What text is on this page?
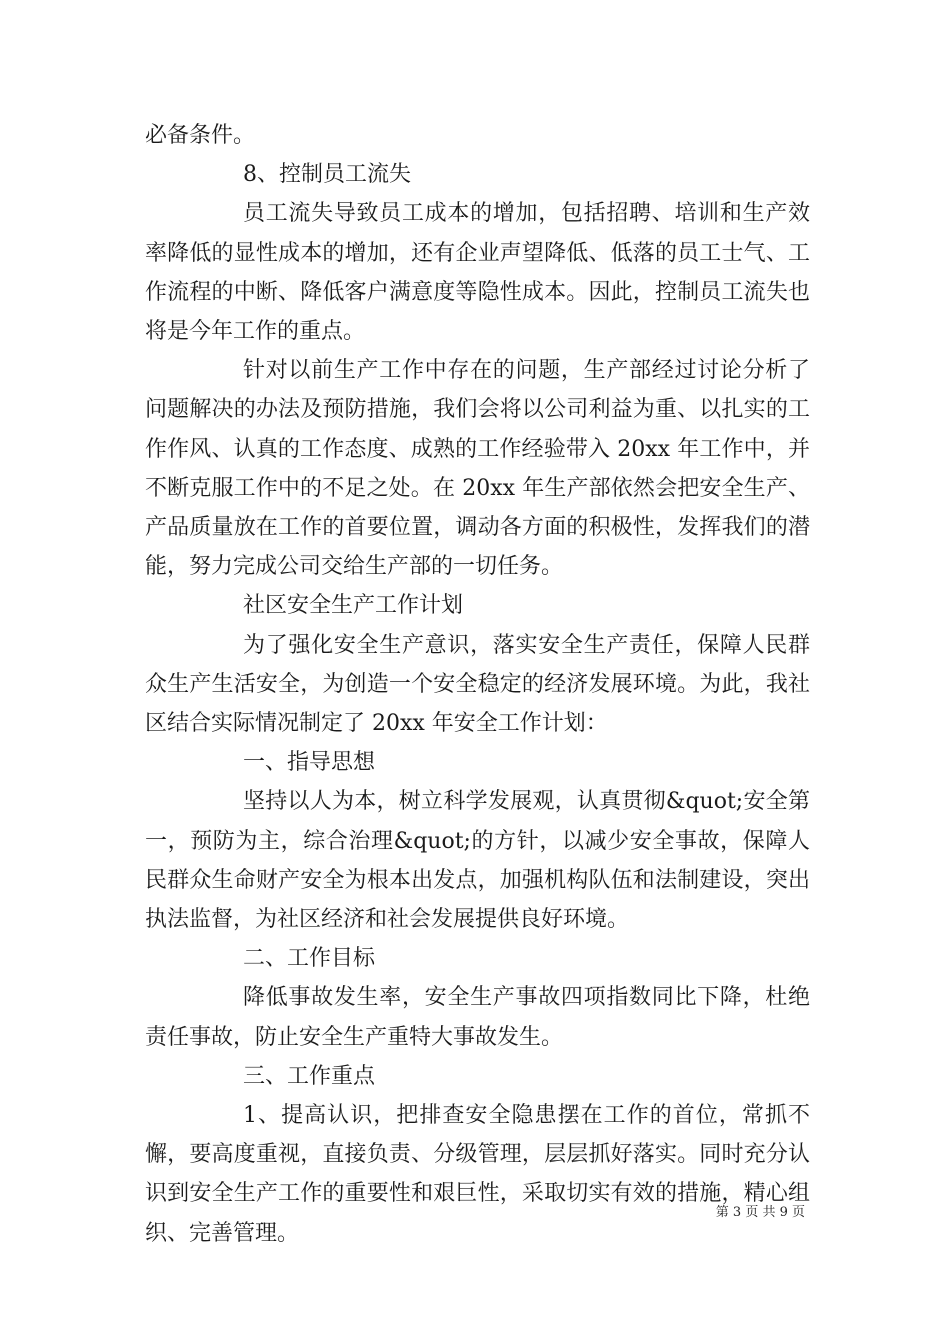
必备条件。

8、控制员工流失

员工流失导致员工成本的增加，包括招聘、培训和生产效率降低的显性成本的增加，还有企业声望降低、低落的员工士气、工作流程的中断、降低客户满意度等隐性成本。因此，控制员工流失也将是今年工作的重点。

针对以前生产工作中存在的问题，生产部经过讨论分析了问题解决的办法及预防措施，我们会将以公司利益为重、以扎实的工作作风、认真的工作态度、成熟的工作经验带入 20xx 年工作中，并不断克服工作中的不足之处。在 20xx 年生产部依然会把安全生产、产品质量放在工作的首要位置，调动各方面的积极性，发挥我们的潜能，努力完成公司交给生产部的一切任务。

社区安全生产工作计划

为了强化安全生产意识，落实安全生产责任，保障人民群众生产生活安全，为创造一个安全稳定的经济发展环境。为此，我社区结合实际情况制定了 20xx 年安全工作计划：

一、指导思想

坚持以人为本，树立科学发展观，认真贯彻&quot;安全第一，预防为主，综合治理&quot;的方针，以减少安全事故，保障人民群众生命财产安全为根本出发点，加强机构队伍和法制建设，突出执法监督，为社区经济和社会发展提供良好环境。

二、工作目标

降低事故发生率，安全生产事故四项指数同比下降，杜绝责任事故，防止安全生产重特大事故发生。

三、工作重点

1、提高认识，把排查安全隐患摆在工作的首位，常抓不懈，要高度重视，直接负责、分级管理，层层抓好落实。同时充分认识到安全生产工作的重要性和艰巨性，采取切实有效的措施，精心组织、完善管理。

第 3 页 共 9 页
